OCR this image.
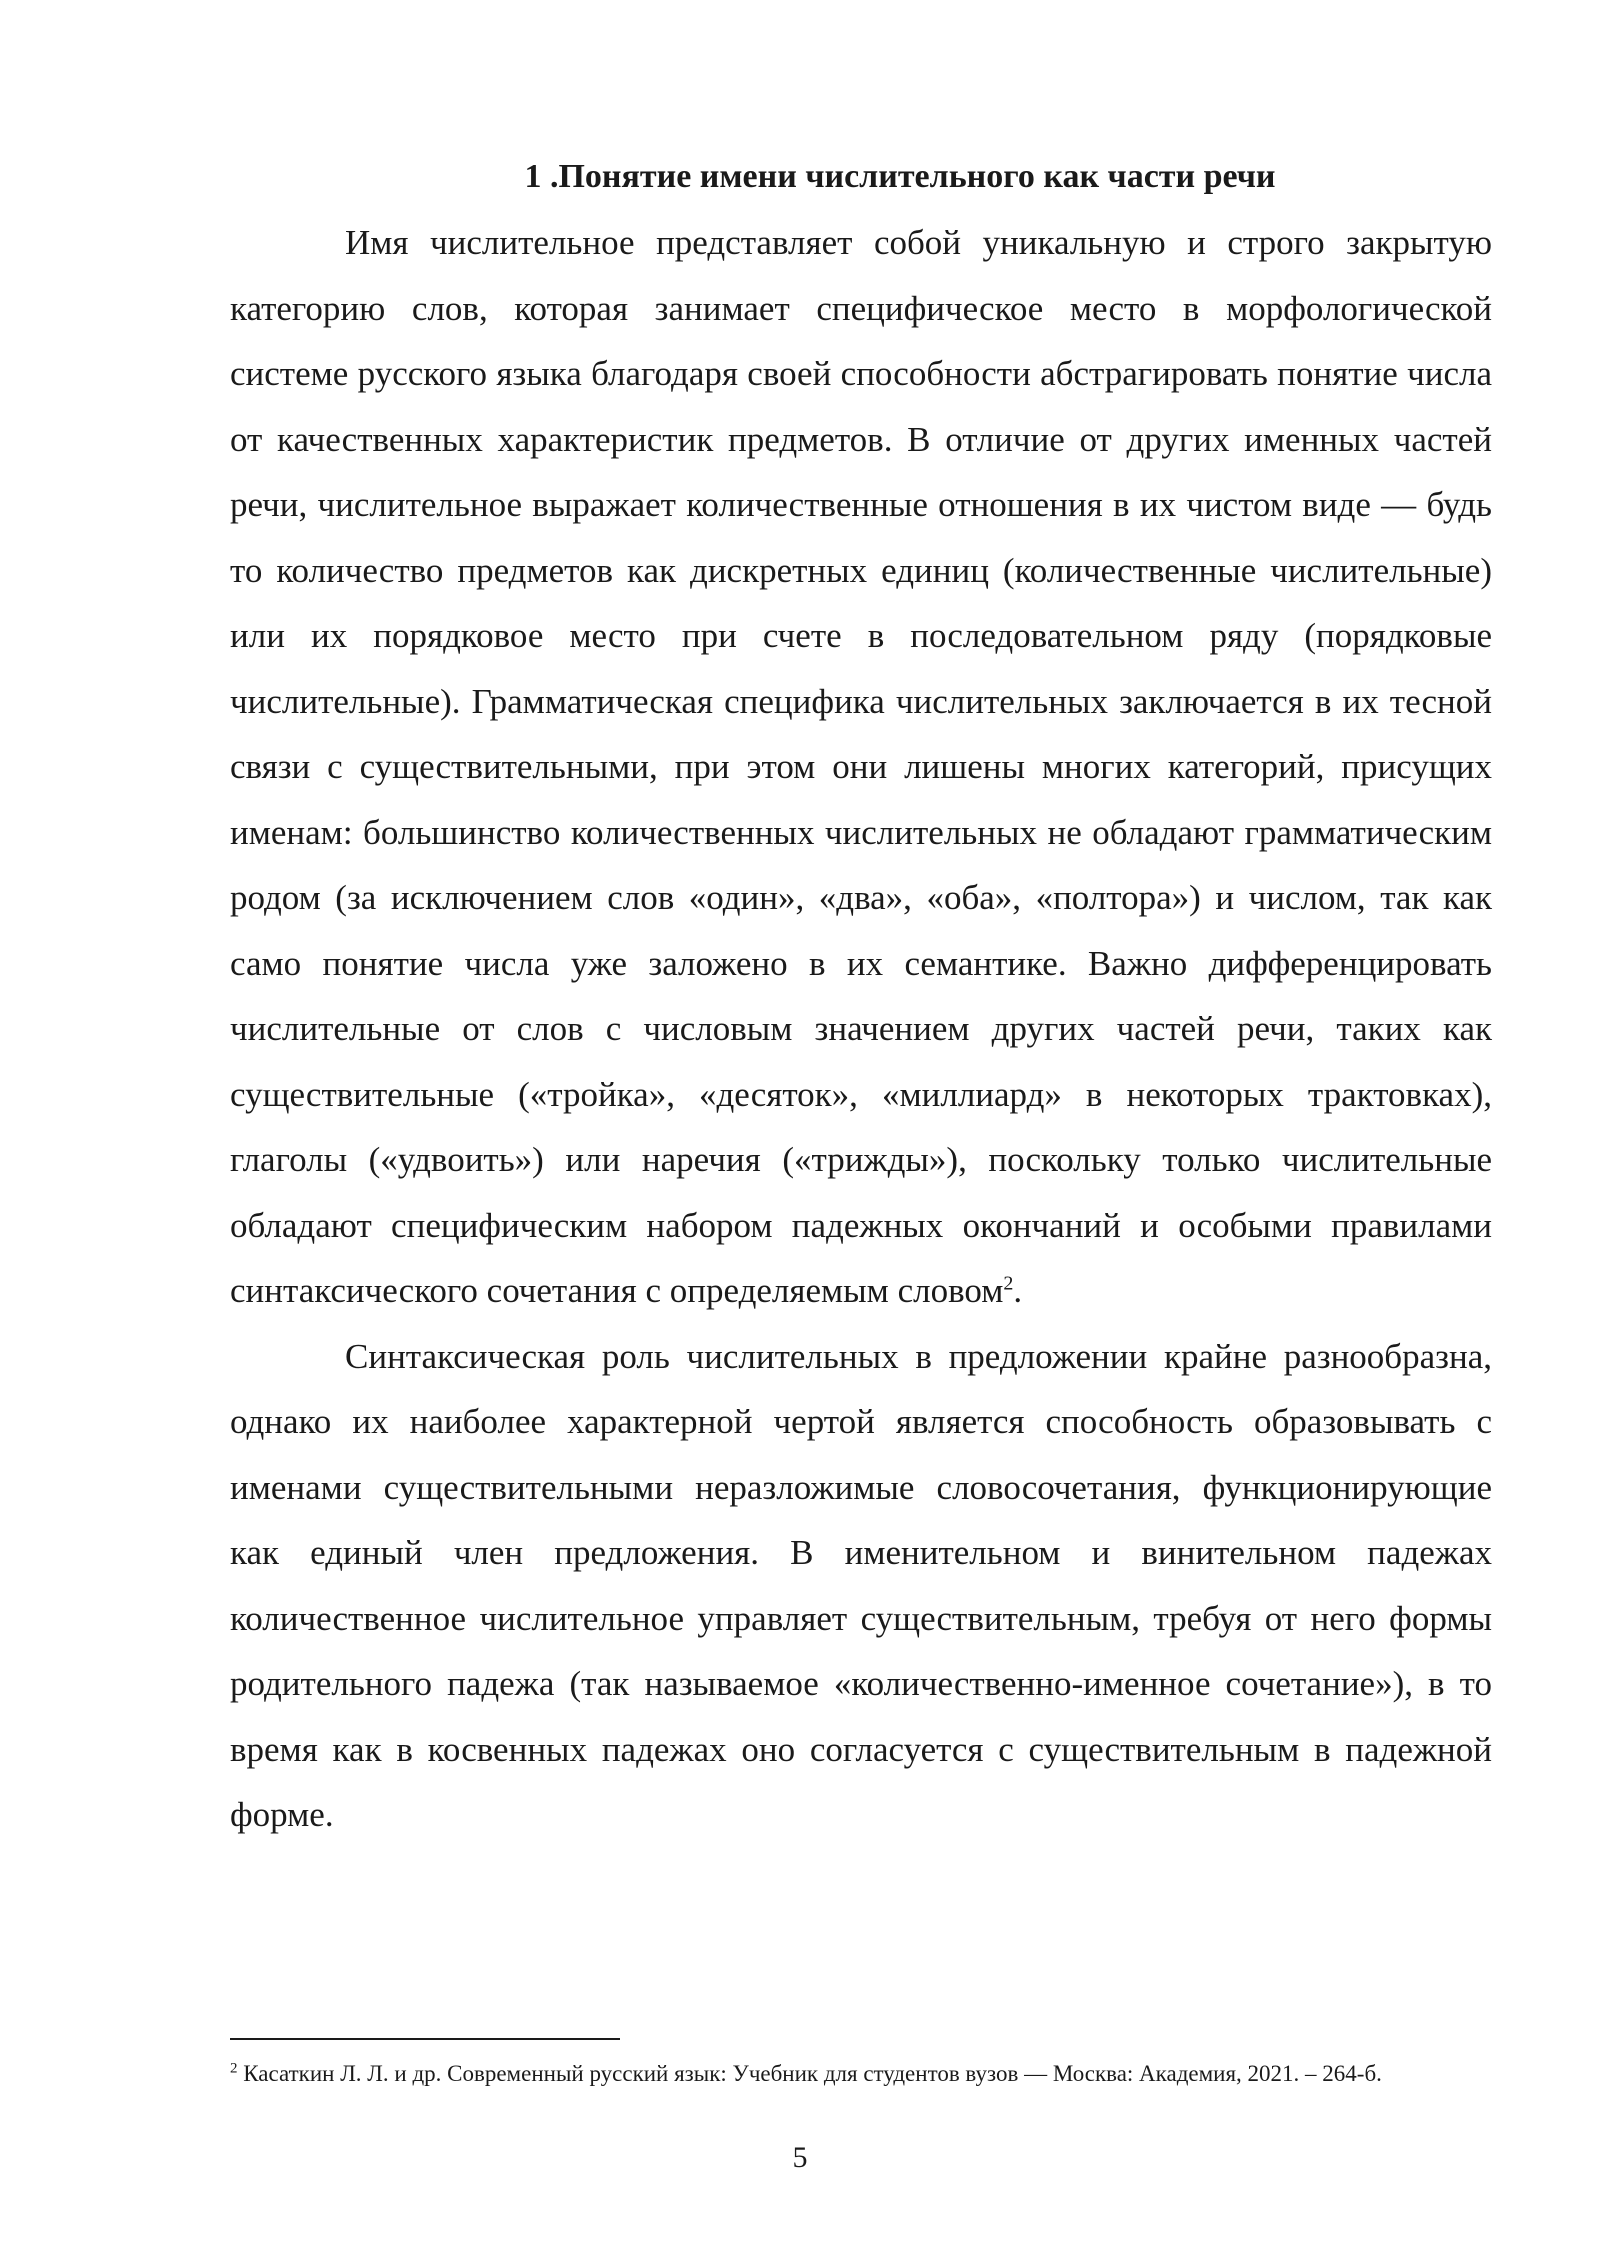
1 .Понятие имени числительного как части речи

Имя числительное представляет собой уникальную и строго закрытую категорию слов, которая занимает специфическое место в морфологической системе русского языка благодаря своей способности абстрагировать понятие числа от качественных характеристик предметов. В отличие от других именных частей речи, числительное выражает количественные отношения в их чистом виде — будь то количество предметов как дискретных единиц (количественные числительные) или их порядковое место при счете в последовательном ряду (порядковые числительные). Грамматическая специфика числительных заключается в их тесной связи с существительными, при этом они лишены многих категорий, присущих именам: большинство количественных числительных не обладают грамматическим родом (за исключением слов «один», «два», «оба», «полтора») и числом, так как само понятие числа уже заложено в их семантике. Важно дифференцировать числительные от слов с числовым значением других частей речи, таких как существительные («тройка», «десяток», «миллиард» в некоторых трактовках), глаголы («удвоить») или наречия («трижды»), поскольку только числительные обладают специфическим набором падежных окончаний и особыми правилами синтаксического сочетания с определяемым словом$^2$.

Синтаксическая роль числительных в предложении крайне разнообразна, однако их наиболее характерной чертой является способность образовывать с именами существительными неразложимые словосочетания, функционирующие как единый член предложения. В именительном и винительном падежах количественное числительное управляет существительным, требуя от него формы родительного падежа (так называемое «количественно-именное сочетание»), в то время как в косвенных падежах оно согласуется с существительным в падежной форме.

$^2$ Касаткин Л. Л. и др. Современный русский язык: Учебник для студентов вузов — Москва: Академия, 2021. – 264-б.
5
